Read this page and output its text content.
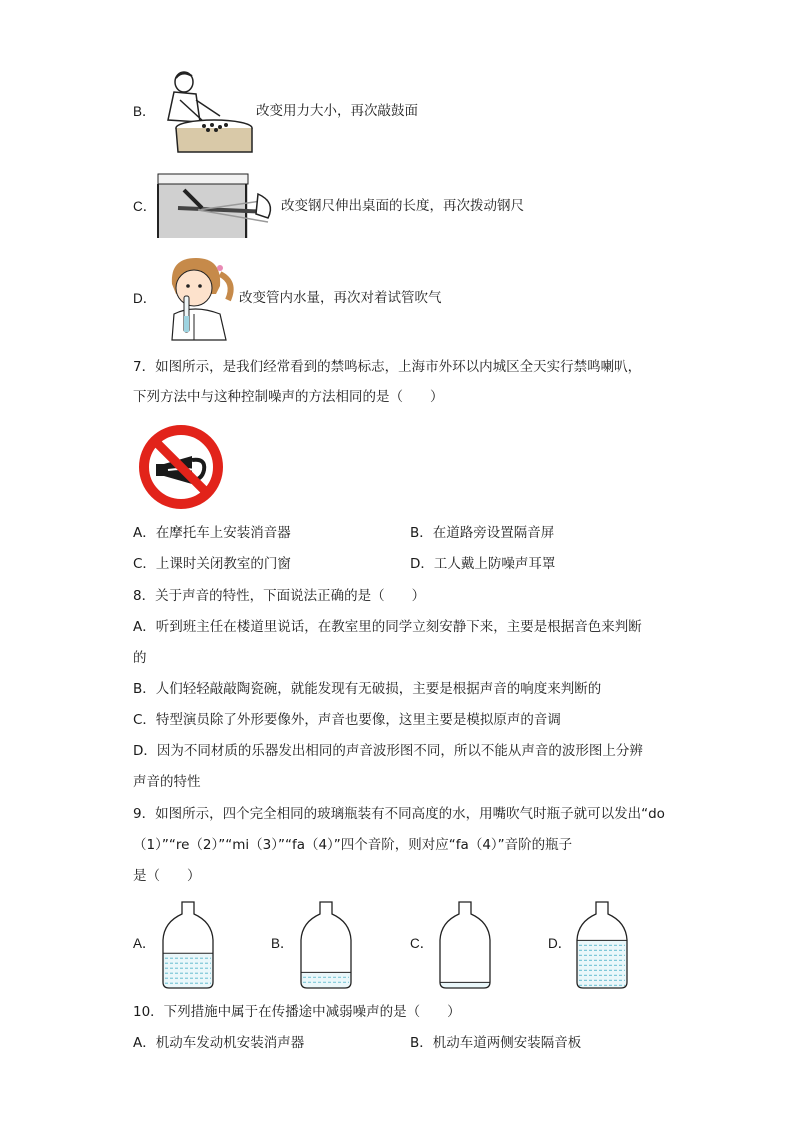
B．	改变用力大小，再次敲鼓面
C．	改变钢尺伸出桌面的长度，再次拨动钢尺
D．	改变管内水量，再次对着试管吹气
7．如图所示，是我们经常看到的禁鸣标志，上海市外环以内城区全天实行禁鸣喇叭，
下列方法中与这种控制噪声的方法相同的是（　　）
A．在摩托车上安装消音器	B．在道路旁设置隔音屏
C．上课时关闭教室的门窗	D．工人戴上防噪声耳罩
8．关于声音的特性，下面说法正确的是（　　）
A．听到班主任在楼道里说话，在教室里的同学立刻安静下来，主要是根据音色来判断
的
B．人们轻轻敲敲陶瓷碗，就能发现有无破损，主要是根据声音的响度来判断的
C．特型演员除了外形要像外，声音也要像，这里主要是模拟原声的音调
D．因为不同材质的乐器发出相同的声音波形图不同，所以不能从声音的波形图上分辨
声音的特性
9．如图所示，四个完全相同的玻璃瓶装有不同高度的水，用嘴吹气时瓶子就可以发出“do
（1）”“re（2）”“mi（3）”“fa（4）”四个音阶，则对应“fa（4）”音阶的瓶子
是（　　）
A．	B．	C．	D．
10．下列措施中属于在传播途中减弱噪声的是（　　）
A．机动车发动机安装消声器	B．机动车道两侧安装隔音板
